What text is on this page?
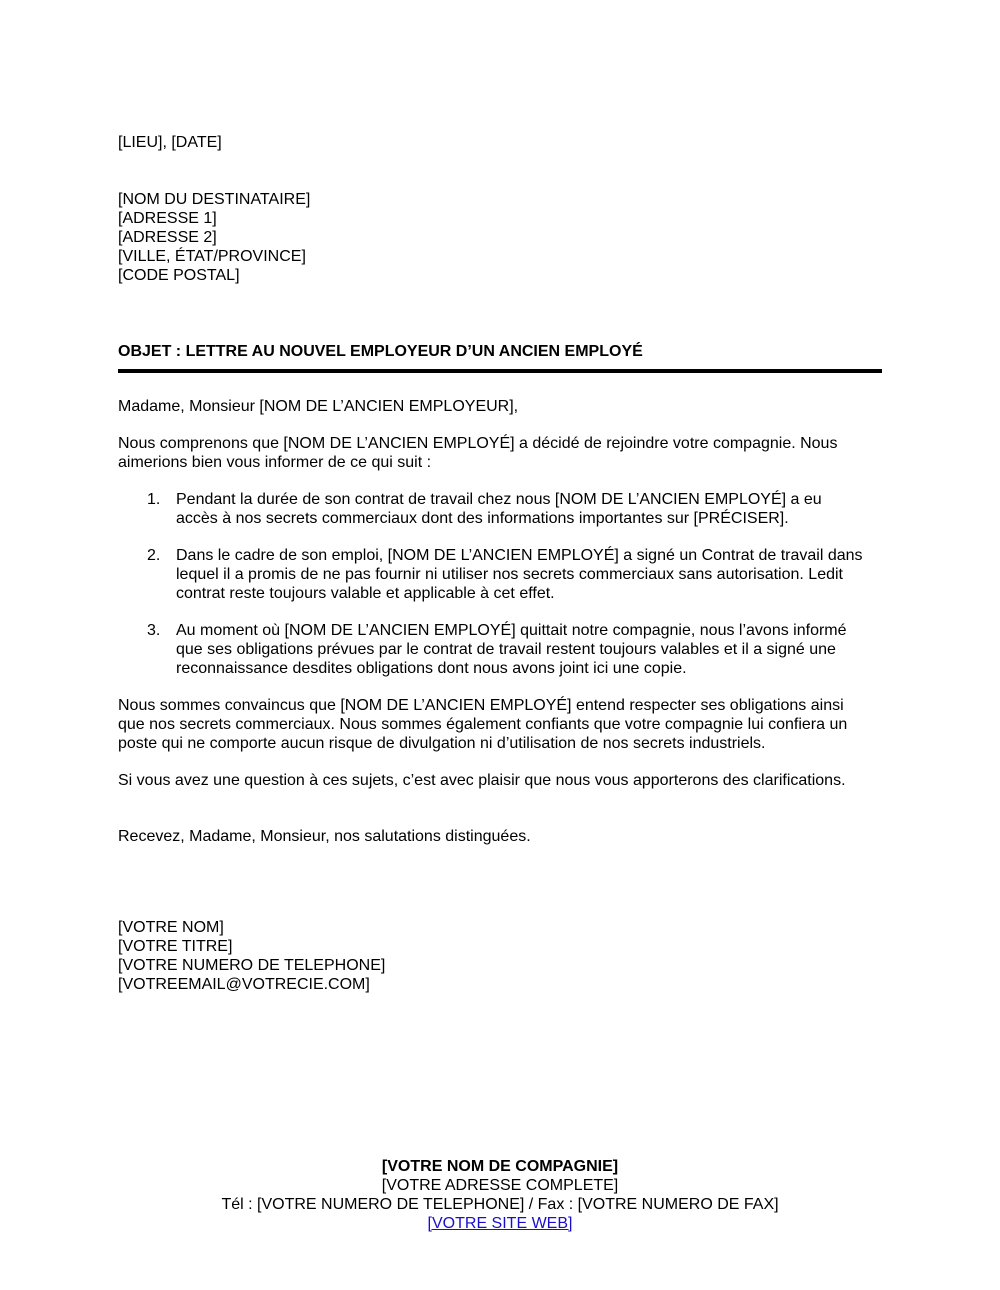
[LIEU], [DATE]
[NOM DU DESTINATAIRE]
[ADRESSE 1]
[ADRESSE 2]
[VILLE, ÉTAT/PROVINCE]
[CODE POSTAL]
OBJET : LETTRE AU NOUVEL EMPLOYEUR D’UN ANCIEN EMPLOYÉ
Madame, Monsieur [NOM DE L’ANCIEN EMPLOYEUR],
Nous comprenons que [NOM DE L’ANCIEN EMPLOYÉ] a décidé de rejoindre votre compagnie. Nous
aimerions bien vous informer de ce qui suit :
1. Pendant la durée de son contrat de travail chez nous [NOM DE L’ANCIEN EMPLOYÉ] a eu
accès à nos secrets commerciaux dont des informations importantes sur [PRÉCISER].
2. Dans le cadre de son emploi, [NOM DE L’ANCIEN EMPLOYÉ] a signé un Contrat de travail dans
lequel il a promis de ne pas fournir ni utiliser nos secrets commerciaux sans autorisation. Ledit
contrat reste toujours valable et applicable à cet effet.
3. Au moment où [NOM DE L’ANCIEN EMPLOYÉ] quittait notre compagnie, nous l’avons informé
que ses obligations prévues par le contrat de travail restent toujours valables et il a signé une
reconnaissance desdites obligations dont nous avons joint ici une copie.
Nous sommes convaincus que [NOM DE L’ANCIEN EMPLOYÉ] entend respecter ses obligations ainsi
que nos secrets commerciaux. Nous sommes également confiants que votre compagnie lui confiera un
poste qui ne comporte aucun risque de divulgation ni d’utilisation de nos secrets industriels.
Si vous avez une question à ces sujets, c’est avec plaisir que nous vous apporterons des clarifications.
Recevez, Madame, Monsieur, nos salutations distinguées.
[VOTRE NOM]
[VOTRE TITRE]
[VOTRE NUMERO DE TELEPHONE]
[VOTREEMAIL@VOTRECIE.COM]
[VOTRE NOM DE COMPAGNIE]
[VOTRE ADRESSE COMPLETE]
Tél : [VOTRE NUMERO DE TELEPHONE] / Fax : [VOTRE NUMERO DE FAX]
[VOTRE SITE WEB]
